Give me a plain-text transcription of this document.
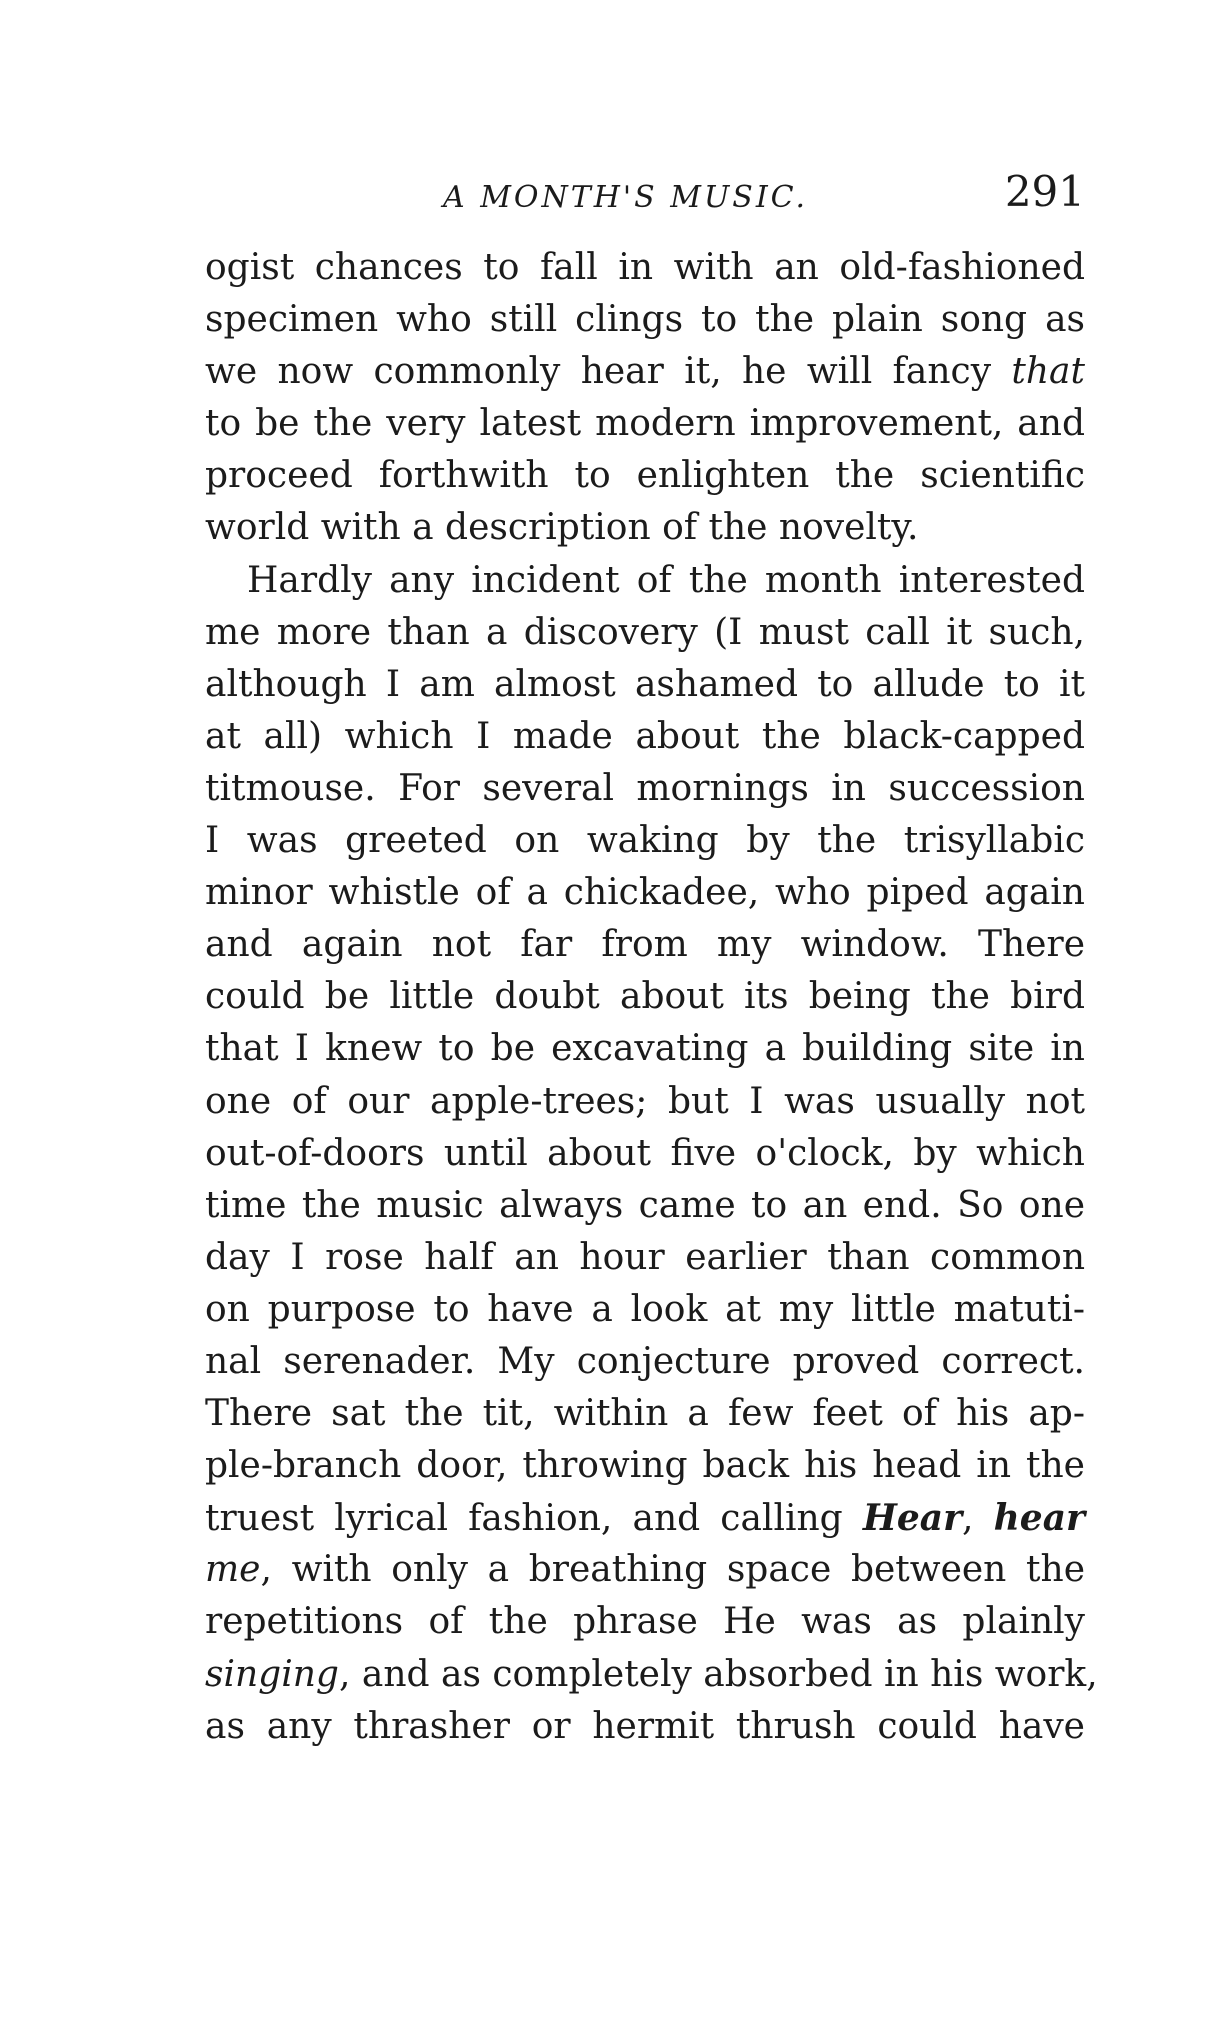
A MONTH'S MUSIC.	291
ogist chances to fall in with an old-fashioned
specimen who still clings to the plain song as
we now commonly hear it, he will fancy that
to be the very latest modern improvement, and
proceed forthwith to enlighten the scientific
world with a description of the novelty.
Hardly any incident of the month interested
me more than a discovery (I must call it such,
although I am almost ashamed to allude to it
at all) which I made about the black-capped
titmouse. For several mornings in succession
I was greeted on waking by the trisyllabic
minor whistle of a chickadee, who piped again
and again not far from my window. There
could be little doubt about its being the bird
that I knew to be excavating a building site in
one of our apple-trees; but I was usually not
out-of-doors until about five o'clock, by which
time the music always came to an end. So one
day I rose half an hour earlier than common
on purpose to have a look at my little matuti-
nal serenader. My conjecture proved correct.
There sat the tit, within a few feet of his ap-
ple-branch door, throwing back his head in the
truest lyrical fashion, and calling Hear, hear
me, with only a breathing space between the
repetitions of the phrase He was as plainly
singing, and as completely absorbed in his work,
as any thrasher or hermit thrush could have
